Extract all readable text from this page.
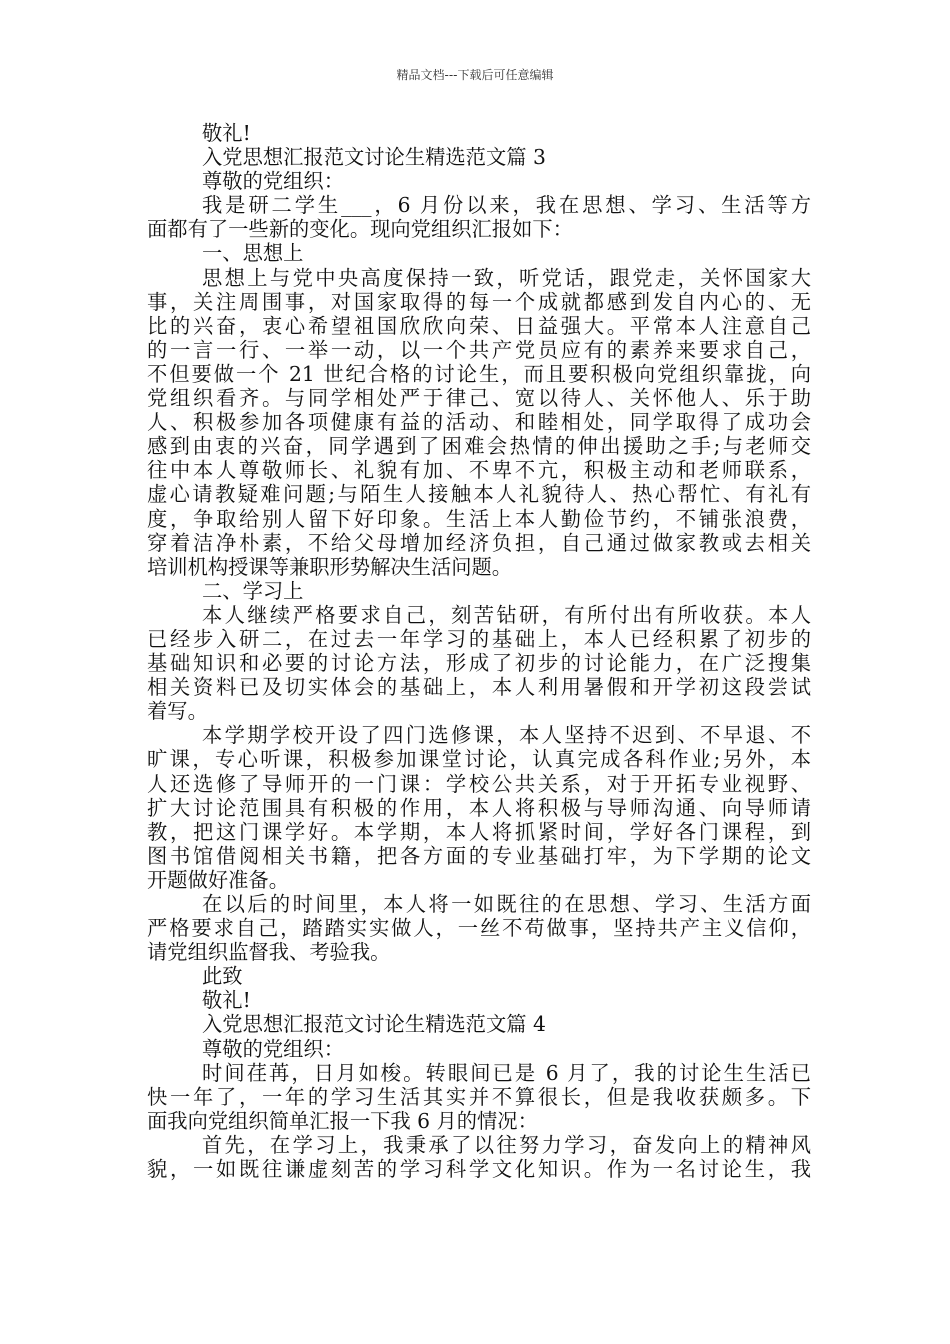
精品文档---下载后可任意编辑
敬礼!
入党思想汇报范文讨论生精选范文篇 3
尊敬的党组织：
我是研二学生___，6 月份以来，我在思想、学习、生活等方
面都有了一些新的变化。现向党组织汇报如下：
一、思想上
思想上与党中央高度保持一致，听党话，跟党走，关怀国家大
事，关注周围事，对国家取得的每一个成就都感到发自内心的、无
比的兴奋，衷心希望祖国欣欣向荣、日益强大。平常本人注意自己
的一言一行、一举一动，以一个共产党员应有的素养来要求自己，
不但要做一个 21 世纪合格的讨论生，而且要积极向党组织靠拢，向
党组织看齐。与同学相处严于律己、宽以待人、关怀他人、乐于助
人、积极参加各项健康有益的活动、和睦相处，同学取得了成功会
感到由衷的兴奋，同学遇到了困难会热情的伸出援助之手;与老师交
往中本人尊敬师长、礼貌有加、不卑不亢，积极主动和老师联系，
虚心请教疑难问题;与陌生人接触本人礼貌待人、热心帮忙、有礼有
度，争取给别人留下好印象。生活上本人勤俭节约，不铺张浪费，
穿着洁净朴素，不给父母增加经济负担，自己通过做家教或去相关
培训机构授课等兼职形势解决生活问题。
二、学习上
本人继续严格要求自己，刻苦钻研，有所付出有所收获。本人
已经步入研二，在过去一年学习的基础上，本人已经积累了初步的
基础知识和必要的讨论方法，形成了初步的讨论能力，在广泛搜集
相关资料已及切实体会的基础上，本人利用暑假和开学初这段尝试
着写。
本学期学校开设了四门选修课，本人坚持不迟到、不早退、不
旷课，专心听课，积极参加课堂讨论，认真完成各科作业;另外，本
人还选修了导师开的一门课：学校公共关系，对于开拓专业视野、
扩大讨论范围具有积极的作用，本人将积极与导师沟通、向导师请
教，把这门课学好。本学期，本人将抓紧时间，学好各门课程，到
图书馆借阅相关书籍，把各方面的专业基础打牢，为下学期的论文
开题做好准备。
在以后的时间里，本人将一如既往的在思想、学习、生活方面
严格要求自己，踏踏实实做人，一丝不苟做事，坚持共产主义信仰，
请党组织监督我、考验我。
此致
敬礼!
入党思想汇报范文讨论生精选范文篇 4
尊敬的党组织：
时间荏苒，日月如梭。转眼间已是 6 月了，我的讨论生生活已
快一年了，一年的学习生活其实并不算很长，但是我收获颇多。下
面我向党组织简单汇报一下我 6 月的情况：
首先，在学习上，我秉承了以往努力学习，奋发向上的精神风
貌，一如既往谦虚刻苦的学习科学文化知识。作为一名讨论生，我
